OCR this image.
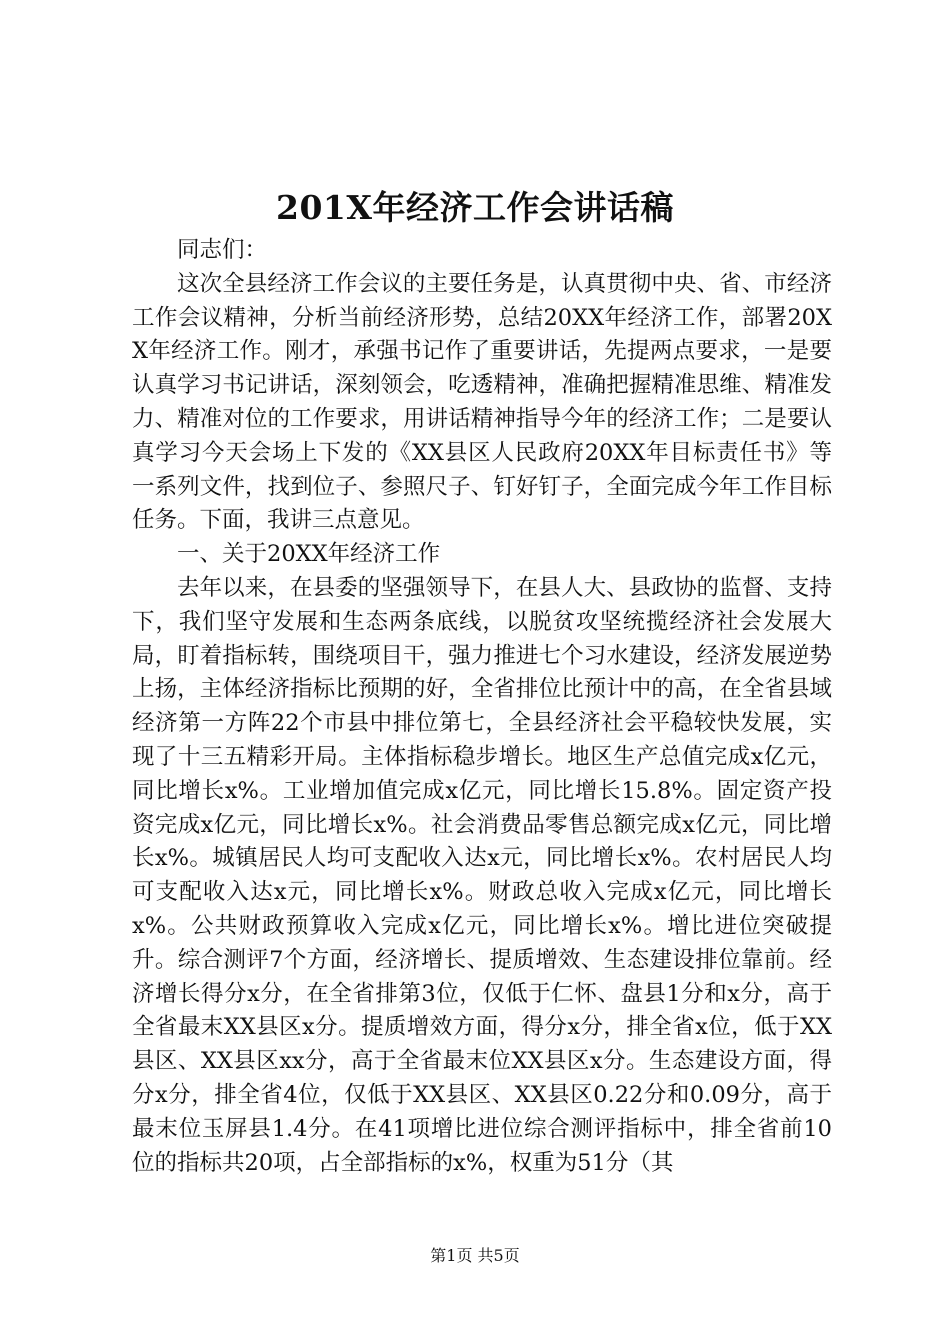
201X年经济工作会讲话稿

同志们：

这次全县经济工作会议的主要任务是，认真贯彻中央、省、市经济工作会议精神，分析当前经济形势，总结20XX年经济工作，部署20XX年经济工作。刚才，承强书记作了重要讲话，先提两点要求，一是要认真学习书记讲话，深刻领会，吃透精神，准确把握精准思维、精准发力、精准对位的工作要求，用讲话精神指导今年的经济工作；二是要认真学习今天会场上下发的《XX县区人民政府20XX年目标责任书》等一系列文件，找到位子、参照尺子、钉好钉子，全面完成今年工作目标任务。下面，我讲三点意见。

一、关于20XX年经济工作

去年以来，在县委的坚强领导下，在县人大、县政协的监督、支持下，我们坚守发展和生态两条底线，以脱贫攻坚统揽经济社会发展大局，盯着指标转，围绕项目干，强力推进七个习水建设，经济发展逆势上扬，主体经济指标比预期的好，全省排位比预计中的高，在全省县域经济第一方阵22个市县中排位第七，全县经济社会平稳较快发展，实现了十三五精彩开局。主体指标稳步增长。地区生产总值完成x亿元，同比增长x%。工业增加值完成x亿元，同比增长15.8%。固定资产投资完成x亿元，同比增长x%。社会消费品零售总额完成x亿元，同比增长x%。城镇居民人均可支配收入达x元，同比增长x%。农村居民人均可支配收入达x元，同比增长x%。财政总收入完成x亿元，同比增长x%。公共财政预算收入完成x亿元，同比增长x%。增比进位突破提升。综合测评7个方面，经济增长、提质增效、生态建设排位靠前。经济增长得分x分，在全省排第3位，仅低于仁怀、盘县1分和x分，高于全省最末XX县区x分。提质增效方面，得分x分，排全省x位，低于XX县区、XX县区xx分，高于全省最末位XX县区x分。生态建设方面，得分x分，排全省4位，仅低于XX县区、XX县区0.22分和0.09分，高于最末位玉屏县1.4分。在41项增比进位综合测评指标中，排全省前10位的指标共20项，占全部指标的x%，权重为51分（其

第1页 共5页
